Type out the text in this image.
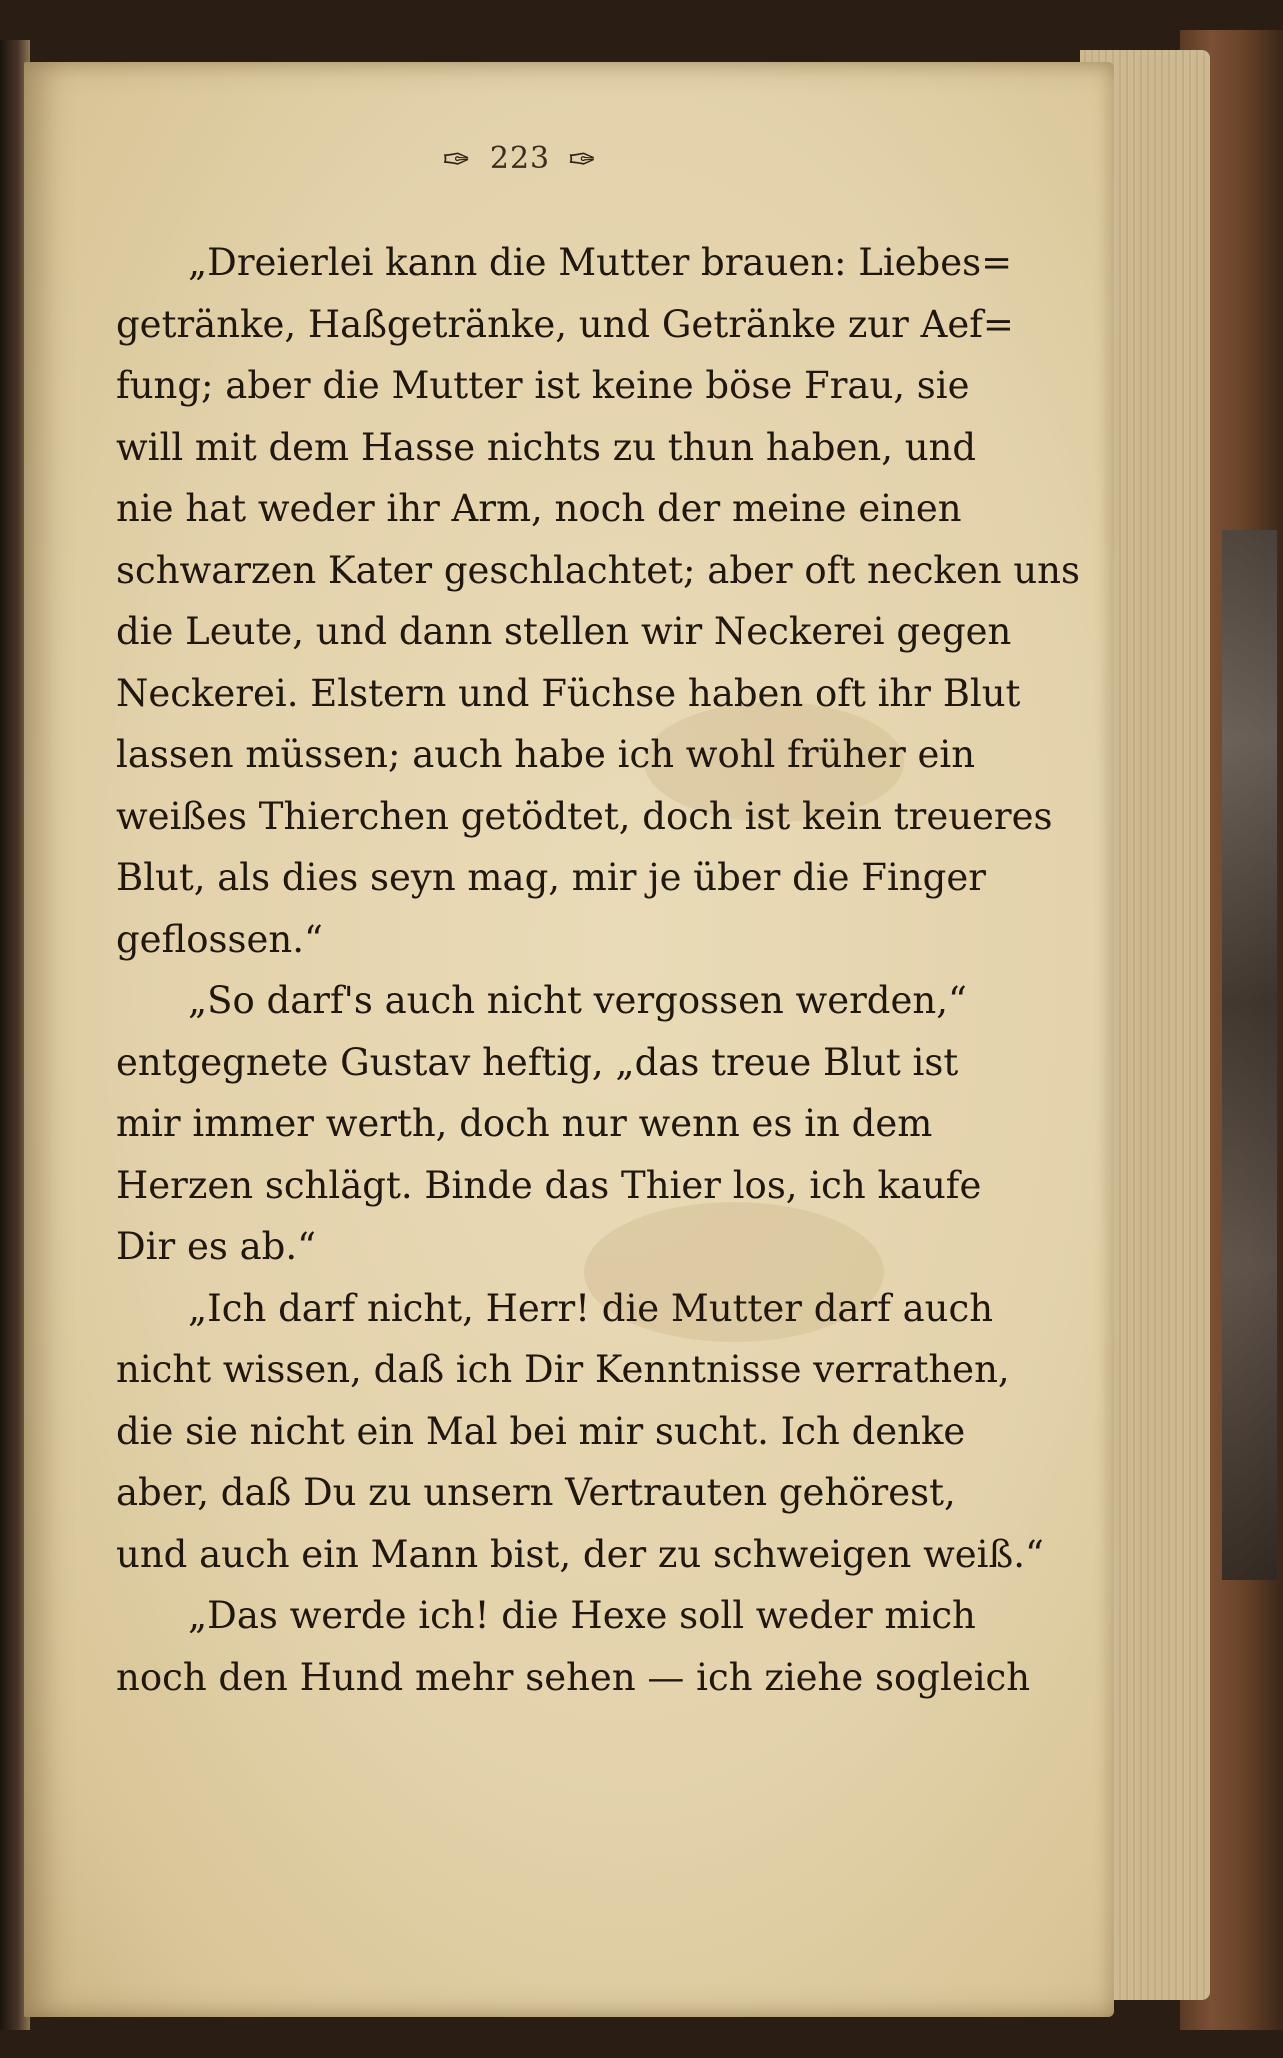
✑ 223 ✑
„Dreierlei kann die Mutter brauen: Liebes=
getränke, Haßgetränke, und Getränke zur Aef=
fung; aber die Mutter ist keine böse Frau, sie
will mit dem Hasse nichts zu thun haben, und
nie hat weder ihr Arm, noch der meine einen
schwarzen Kater geschlachtet; aber oft necken uns
die Leute, und dann stellen wir Neckerei gegen
Neckerei. Elstern und Füchse haben oft ihr Blut
lassen müssen; auch habe ich wohl früher ein
weißes Thierchen getödtet, doch ist kein treueres
Blut, als dies seyn mag, mir je über die Finger
geflossen.“
„So darf's auch nicht vergossen werden,“
entgegnete Gustav heftig, „das treue Blut ist
mir immer werth, doch nur wenn es in dem
Herzen schlägt. Binde das Thier los, ich kaufe
Dir es ab.“
„Ich darf nicht, Herr! die Mutter darf auch
nicht wissen, daß ich Dir Kenntnisse verrathen,
die sie nicht ein Mal bei mir sucht. Ich denke
aber, daß Du zu unsern Vertrauten gehörest,
und auch ein Mann bist, der zu schweigen weiß.“
„Das werde ich! die Hexe soll weder mich
noch den Hund mehr sehen — ich ziehe sogleich
